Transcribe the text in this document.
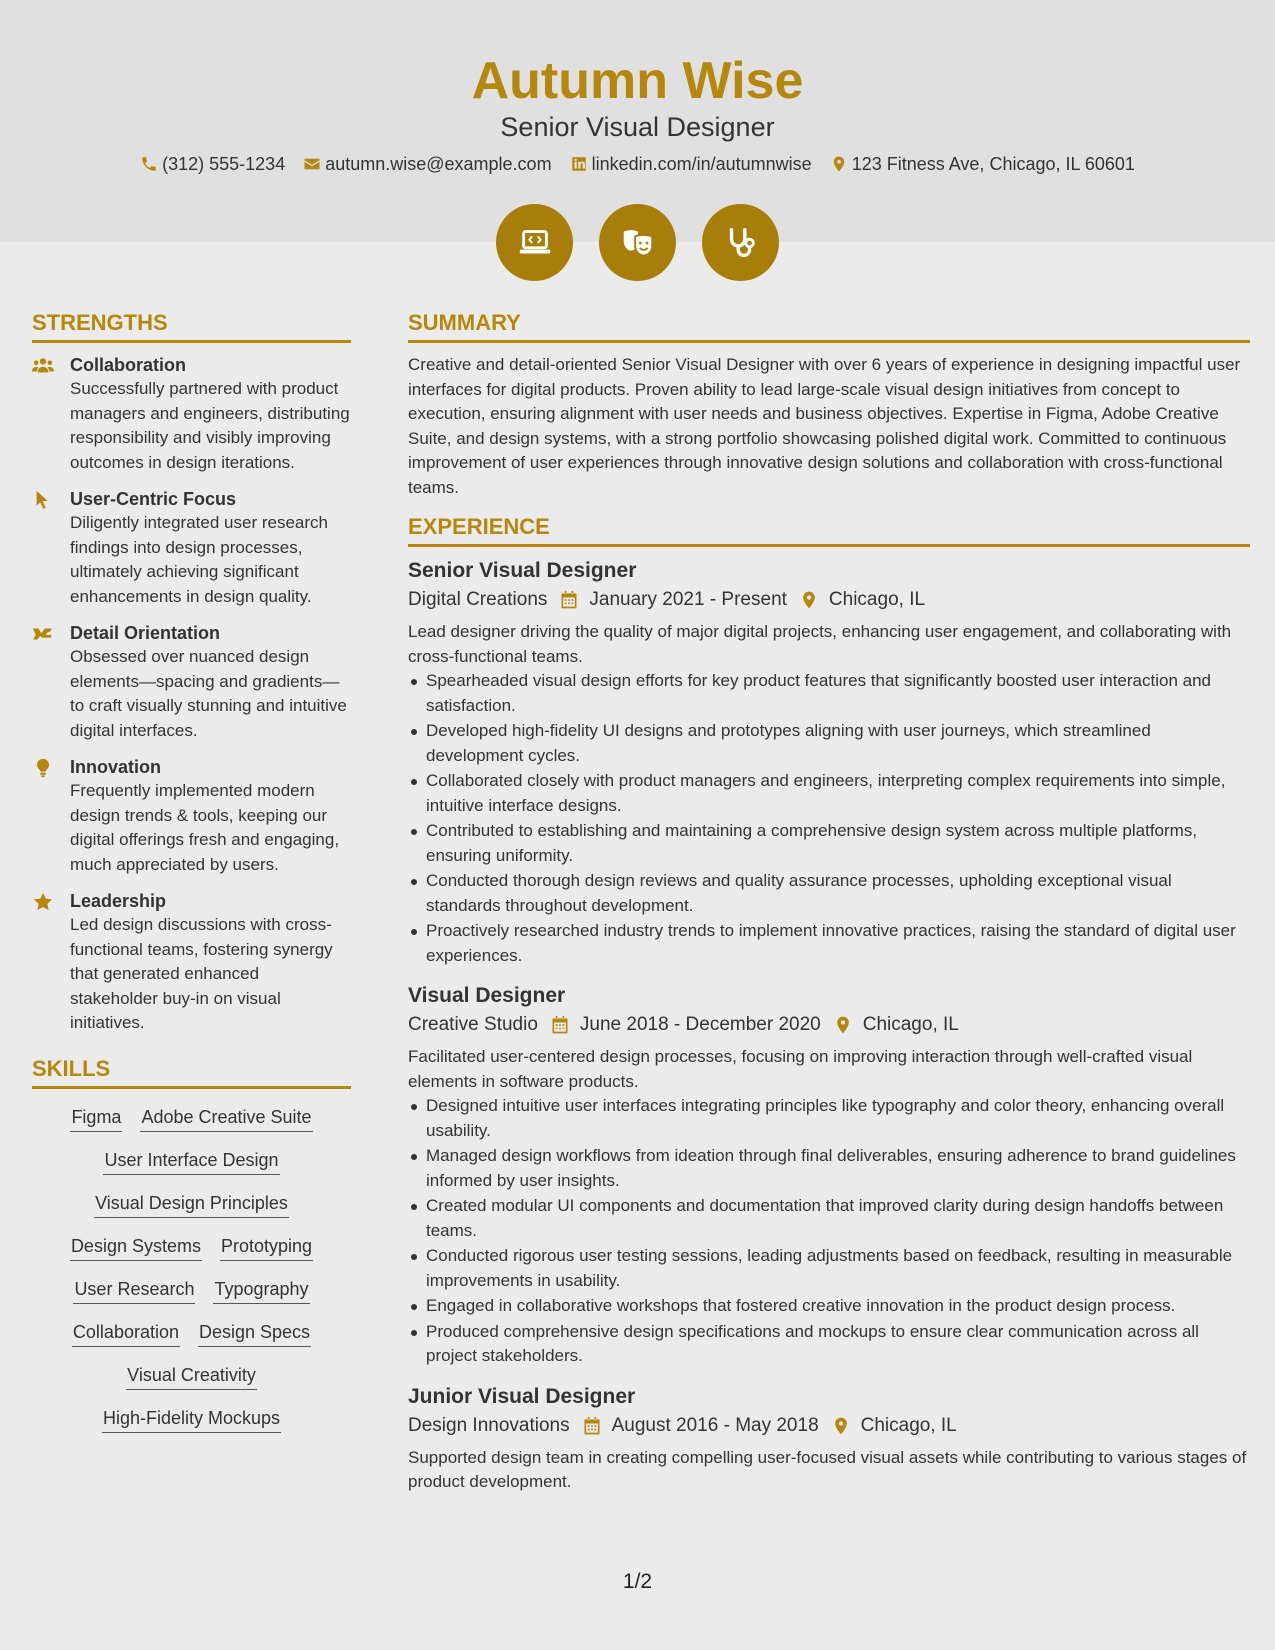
Autumn Wise
Senior Visual Designer
(312) 555-1234 autumn.wise@example.com linkedin.com/in/autumnwise 123 Fitness Ave, Chicago, IL 60601
STRENGTHS
Collaboration
Successfully partnered with product managers and engineers, distributing responsibility and visibly improving outcomes in design iterations.
User-Centric Focus
Diligently integrated user research findings into design processes, ultimately achieving significant enhancements in design quality.
Detail Orientation
Obsessed over nuanced design elements—spacing and gradients—to craft visually stunning and intuitive digital interfaces.
Innovation
Frequently implemented modern design trends & tools, keeping our digital offerings fresh and engaging, much appreciated by users.
Leadership
Led design discussions with cross-functional teams, fostering synergy that generated enhanced stakeholder buy-in on visual initiatives.
SKILLS
Figma Adobe Creative Suite
User Interface Design
Visual Design Principles
Design Systems Prototyping
User Research Typography
Collaboration Design Specs
Visual Creativity
High-Fidelity Mockups
SUMMARY
Creative and detail-oriented Senior Visual Designer with over 6 years of experience in designing impactful user interfaces for digital products. Proven ability to lead large-scale visual design initiatives from concept to execution, ensuring alignment with user needs and business objectives. Expertise in Figma, Adobe Creative Suite, and design systems, with a strong portfolio showcasing polished digital work. Committed to continuous improvement of user experiences through innovative design solutions and collaboration with cross-functional teams.
EXPERIENCE
Senior Visual Designer
Digital Creations January 2021 - Present Chicago, IL
Lead designer driving the quality of major digital projects, enhancing user engagement, and collaborating with cross-functional teams.
Spearheaded visual design efforts for key product features that significantly boosted user interaction and satisfaction.
Developed high-fidelity UI designs and prototypes aligning with user journeys, which streamlined development cycles.
Collaborated closely with product managers and engineers, interpreting complex requirements into simple, intuitive interface designs.
Contributed to establishing and maintaining a comprehensive design system across multiple platforms, ensuring uniformity.
Conducted thorough design reviews and quality assurance processes, upholding exceptional visual standards throughout development.
Proactively researched industry trends to implement innovative practices, raising the standard of digital user experiences.
Visual Designer
Creative Studio June 2018 - December 2020 Chicago, IL
Facilitated user-centered design processes, focusing on improving interaction through well-crafted visual elements in software products.
Designed intuitive user interfaces integrating principles like typography and color theory, enhancing overall usability.
Managed design workflows from ideation through final deliverables, ensuring adherence to brand guidelines informed by user insights.
Created modular UI components and documentation that improved clarity during design handoffs between teams.
Conducted rigorous user testing sessions, leading adjustments based on feedback, resulting in measurable improvements in usability.
Engaged in collaborative workshops that fostered creative innovation in the product design process.
Produced comprehensive design specifications and mockups to ensure clear communication across all project stakeholders.
Junior Visual Designer
Design Innovations August 2016 - May 2018 Chicago, IL
Supported design team in creating compelling user-focused visual assets while contributing to various stages of product development.
1/2
